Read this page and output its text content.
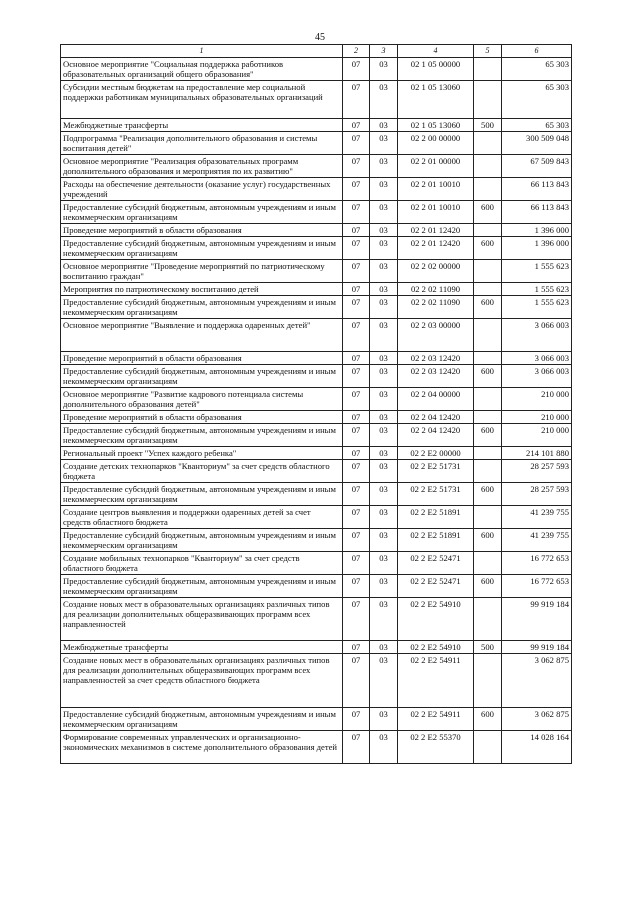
45
1	2	3	4	5	6
Основное мероприятие "Социальная поддержка работников образовательных организаций общего образования"	07	03	02 1 05 00000		65 303
Субсидии местным бюджетам на предоставление мер социальной поддержки работникам муниципальных образовательных организаций	07	03	02 1 05 13060		65 303
Межбюджетные трансферты	07	03	02 1 05 13060	500	65 303
Подпрограмма "Реализация дополнительного образования и системы воспитания детей"	07	03	02 2 00 00000		300 509 048
Основное мероприятие "Реализация образовательных программ дополнительного образования и мероприятия по их развитию"	07	03	02 2 01 00000		67 509 843
Расходы на обеспечение деятельности (оказание услуг) государственных учреждений	07	03	02 2 01 10010		66 113 843
Предоставление субсидий бюджетным, автономным учреждениям и иным некоммерческим организациям	07	03	02 2 01 10010	600	66 113 843
Проведение мероприятий в области образования	07	03	02 2 01 12420		1 396 000
Предоставление субсидий бюджетным, автономным учреждениям и иным некоммерческим организациям	07	03	02 2 01 12420	600	1 396 000
Основное мероприятие "Проведение мероприятий по патриотическому воспитанию граждан"	07	03	02 2 02 00000		1 555 623
Мероприятия по патриотическому воспитанию детей	07	03	02 2 02 11090		1 555 623
Предоставление субсидий бюджетным, автономным учреждениям и иным некоммерческим организациям	07	03	02 2 02 11090	600	1 555 623
Основное мероприятие "Выявление и поддержка одаренных детей"	07	03	02 2 03 00000		3 066 003
Проведение мероприятий в области образования	07	03	02 2 03 12420		3 066 003
Предоставление субсидий бюджетным, автономным учреждениям и иным некоммерческим организациям	07	03	02 2 03 12420	600	3 066 003
Основное мероприятие "Развитие кадрового потенциала системы дополнительного образования детей"	07	03	02 2 04 00000		210 000
Проведение мероприятий в области образования	07	03	02 2 04 12420		210 000
Предоставление субсидий бюджетным, автономным учреждениям и иным некоммерческим организациям	07	03	02 2 04 12420	600	210 000
Региональный проект "Успех каждого ребенка"	07	03	02 2 E2 00000		214 101 880
Создание детских технопарков "Кванториум" за счет средств областного бюджета	07	03	02 2 E2 51731		28 257 593
Предоставление субсидий бюджетным, автономным учреждениям и иным некоммерческим организациям	07	03	02 2 E2 51731	600	28 257 593
Создание центров выявления и поддержки одаренных детей за счет средств областного бюджета	07	03	02 2 E2 51891		41 239 755
Предоставление субсидий бюджетным, автономным учреждениям и иным некоммерческим организациям	07	03	02 2 E2 51891	600	41 239 755
Создание мобильных технопарков "Кванториум" за счет средств областного бюджета	07	03	02 2 E2 52471		16 772 653
Предоставление субсидий бюджетным, автономным учреждениям и иным некоммерческим организациям	07	03	02 2 E2 52471	600	16 772 653
Создание новых мест в образовательных организациях различных типов для реализации дополнительных общеразвивающих программ всех направленностей	07	03	02 2 E2 54910		99 919 184
Межбюджетные трансферты	07	03	02 2 E2 54910	500	99 919 184
Создание новых мест в образовательных организациях различных типов для реализации дополнительных общеразвивающих программ всех направленностей за счет средств областного бюджета	07	03	02 2 E2 54911		3 062 875
Предоставление субсидий бюджетным, автономным учреждениям и иным некоммерческим организациям	07	03	02 2 E2 54911	600	3 062 875
Формирование современных управленческих и организационно-экономических механизмов в системе дополнительного образования детей	07	03	02 2 E2 55370		14 028 164
